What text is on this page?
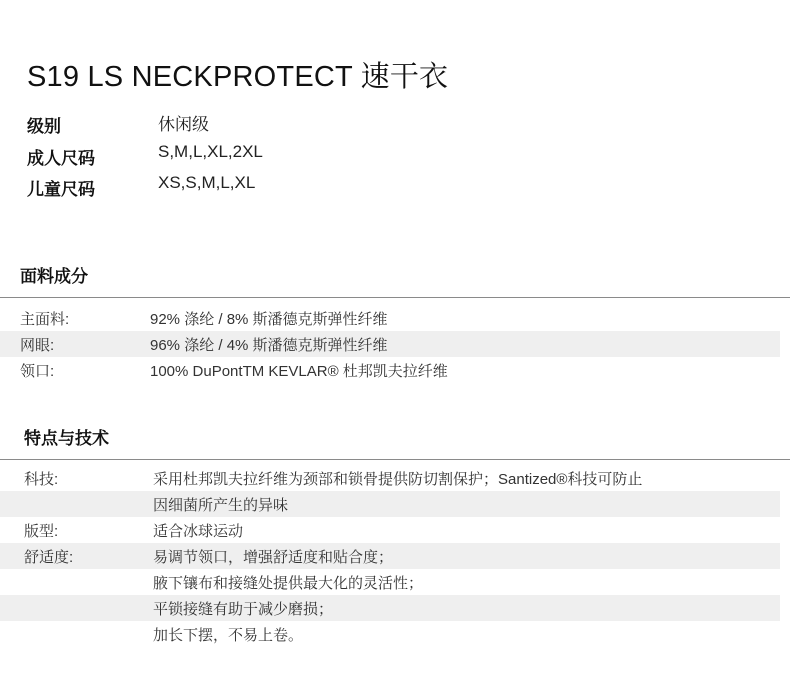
S19 LS NECKPROTECT 速干衣
级别	休闲级
成人尺码	S,M,L,XL,2XL
儿童尺码	XS,S,M,L,XL
面料成分
主面料:	92% 涤纶 / 8% 斯潘德克斯弹性纤维
网眼:	96% 涤纶 / 4% 斯潘德克斯弹性纤维
领口:	100% DuPontTM KEVLAR® 杜邦凯夫拉纤维
特点与技术
科技:	采用杜邦凯夫拉纤维为颈部和锁骨提供防切割保护；Santized®科技可防止
因细菌所产生的异味
版型:	适合冰球运动
舒适度:	易调节领口，增强舒适度和贴合度；
腋下镶布和接缝处提供最大化的灵活性；
平锁接缝有助于减少磨损；
加长下摆，不易上卷。
